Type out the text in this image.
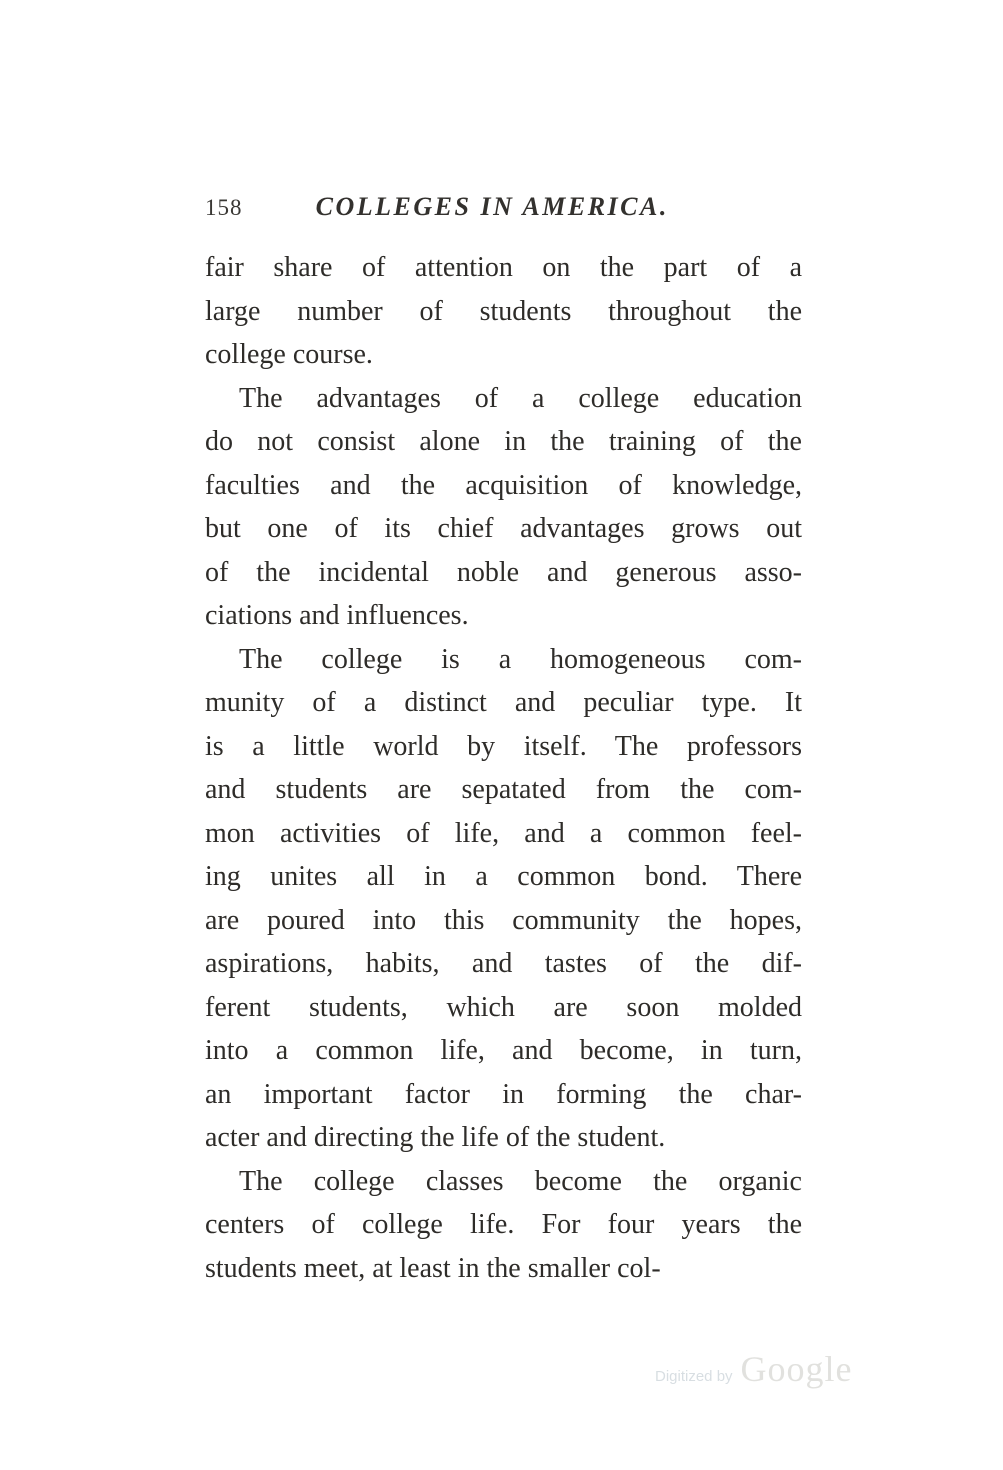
158	COLLEGES IN AMERICA.
fair share of attention on the part of a
large number of students throughout the
college course.
The advantages of a college education
do not consist alone in the training of the
faculties and the acquisition of knowledge,
but one of its chief advantages grows out
of the incidental noble and generous asso-
ciations and influences.
The college is a homogeneous com-
munity of a distinct and peculiar type. It
is a little world by itself. The professors
and students are sepatated from the com-
mon activities of life, and a common feel-
ing unites all in a common bond. There
are poured into this community the hopes,
aspirations, habits, and tastes of the dif-
ferent students, which are soon molded
into a common life, and become, in turn,
an important factor in forming the char-
acter and directing the life of the student.
The college classes become the organic
centers of college life. For four years the
students meet, at least in the smaller col-
Digitized by Google
